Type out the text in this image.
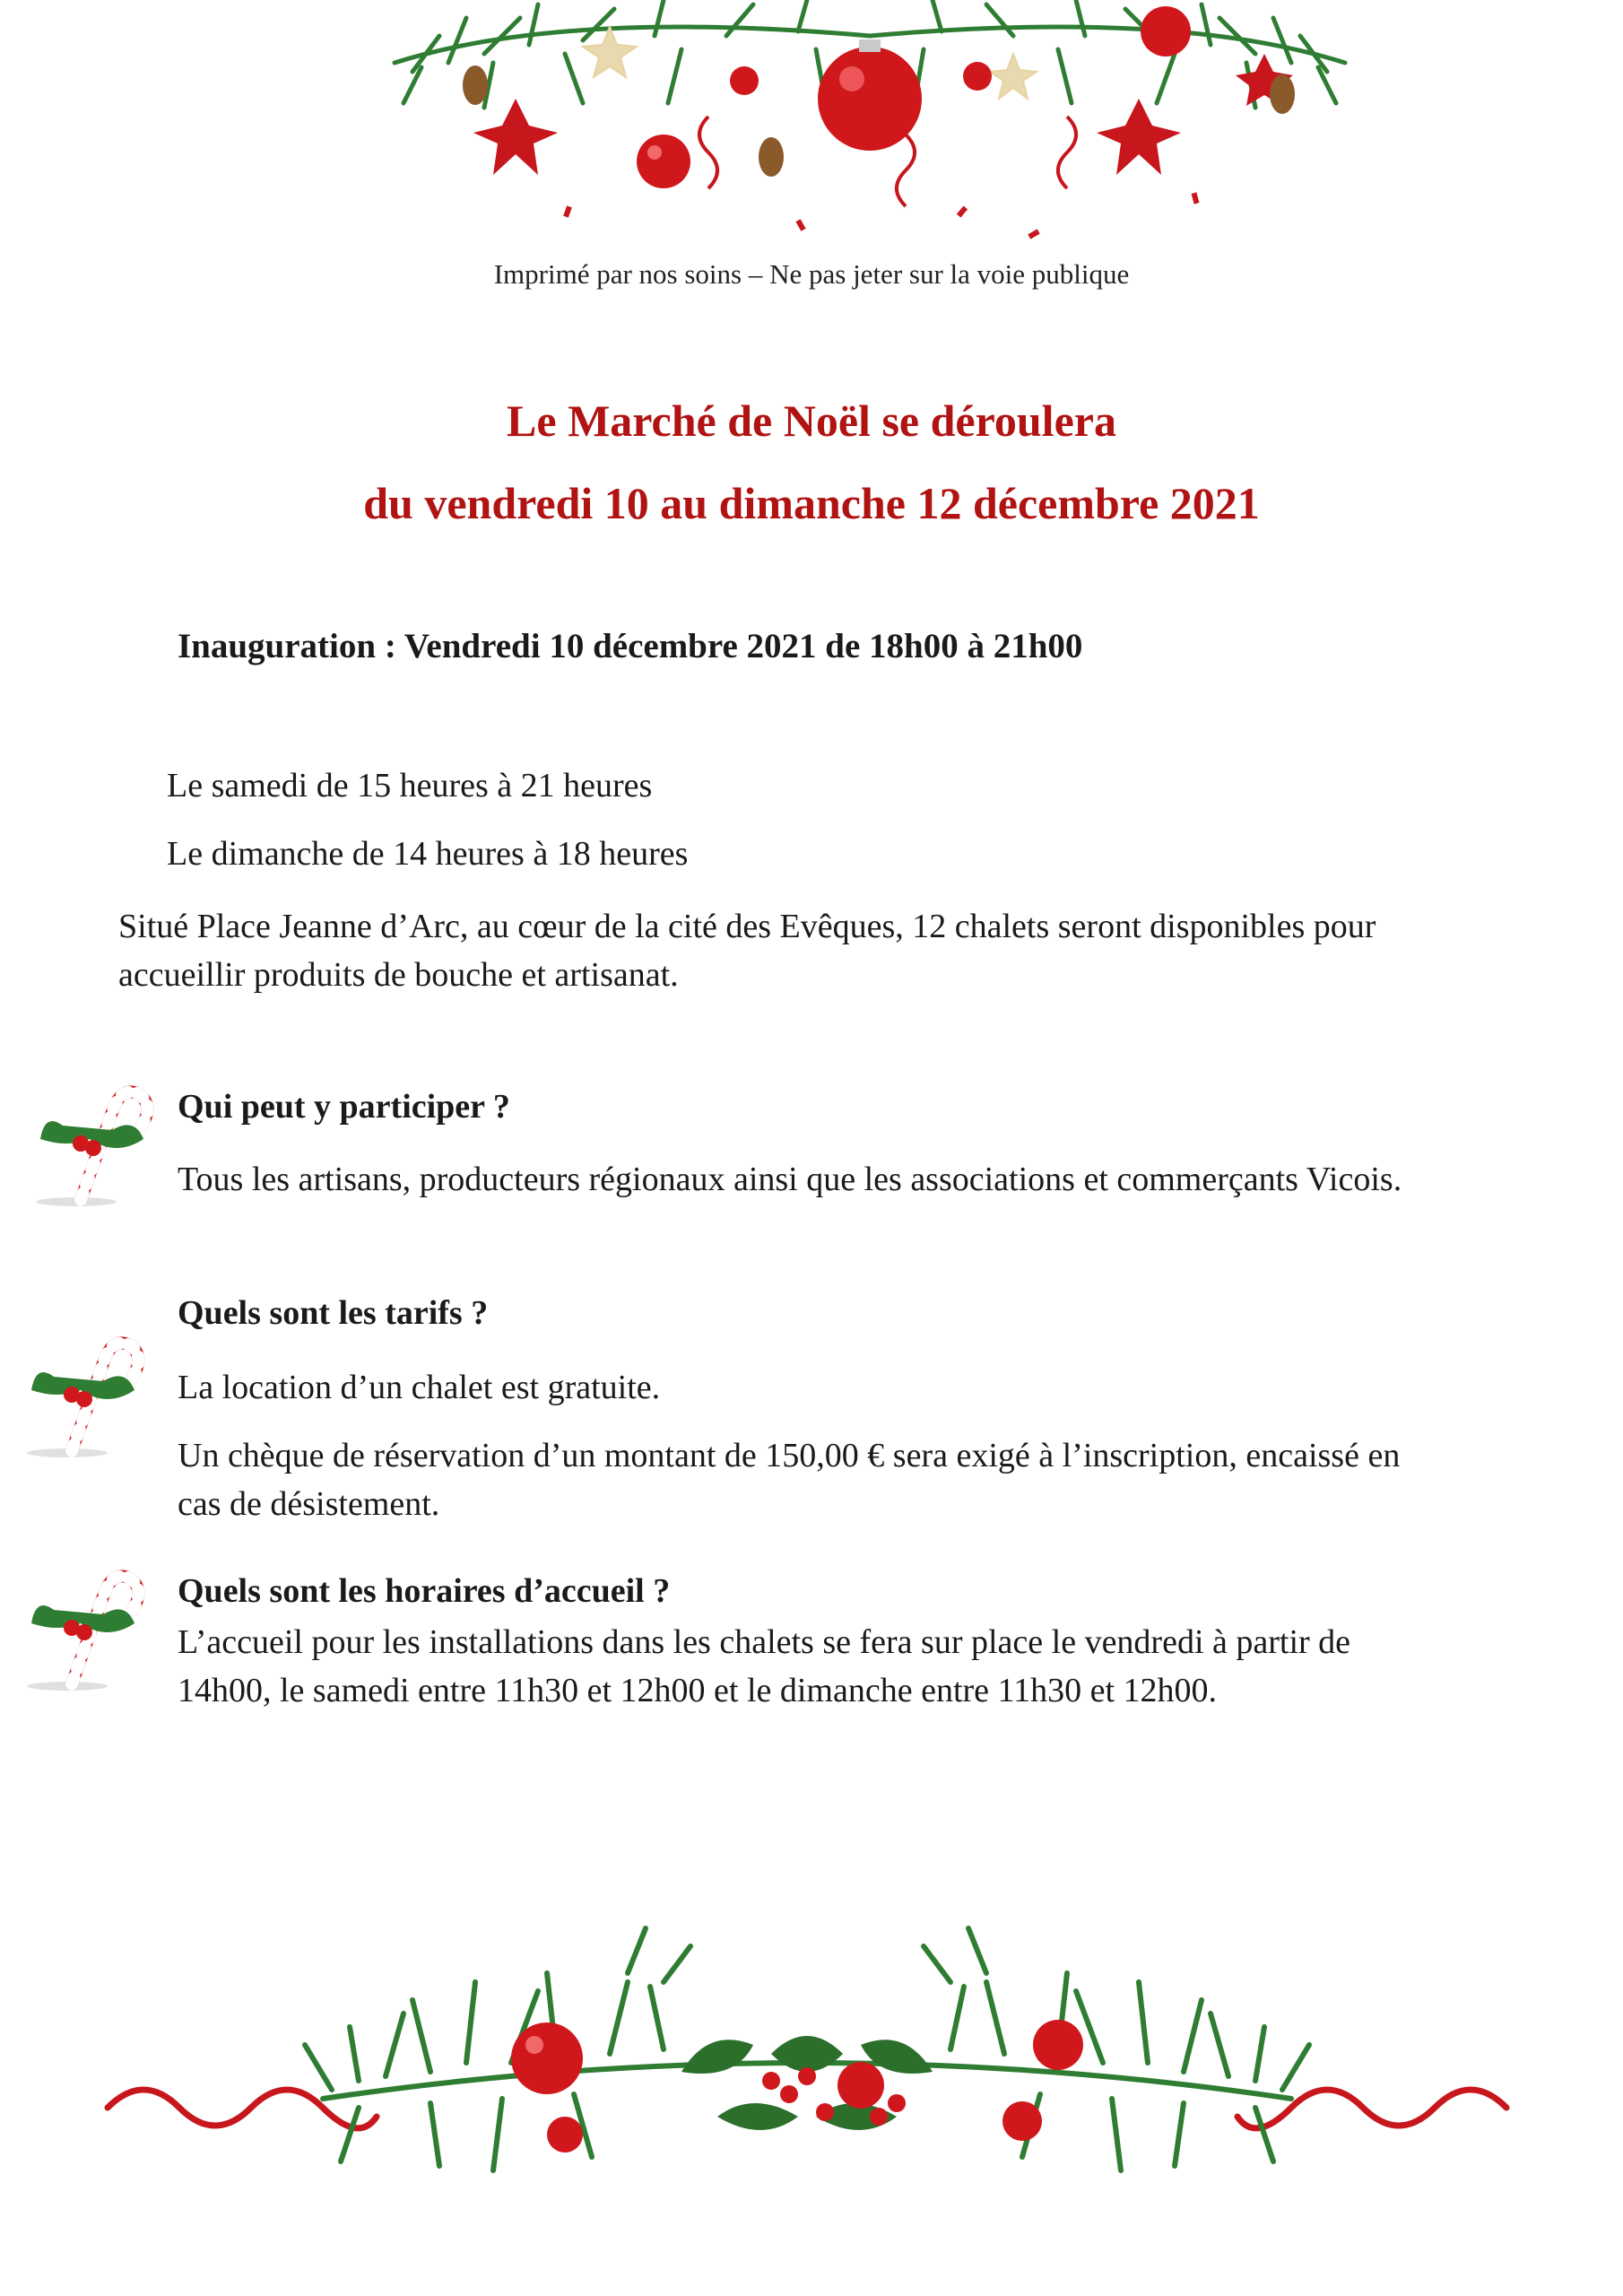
Imprimé par nos soins – Ne pas jeter sur la voie publique
Le Marché de Noël se déroulera
du vendredi 10 au dimanche 12 décembre 2021
Inauguration : Vendredi 10 décembre 2021 de 18h00 à 21h00
Le samedi de 15 heures à 21 heures
Le dimanche de 14 heures à 18 heures

Situé Place Jeanne d’Arc, au cœur de la cité des Evêques, 12 chalets seront disponibles pour

accueillir produits de bouche et artisanat.

Qui peut y participer ?
Tous les artisans, producteurs régionaux ainsi que les associations et commerçants Vicois.
Quels sont les tarifs ?
La location d’un chalet est gratuite.

Un chèque de réservation d’un montant de 150,00 € sera exigé à l’inscription, encaissé en

cas de désistement.

Quels sont les horaires d’accueil ?

L’accueil pour les installations dans les chalets se fera sur place le vendredi à partir de

14h00, le samedi entre 11h30 et 12h00 et le dimanche entre 11h30 et 12h00.
